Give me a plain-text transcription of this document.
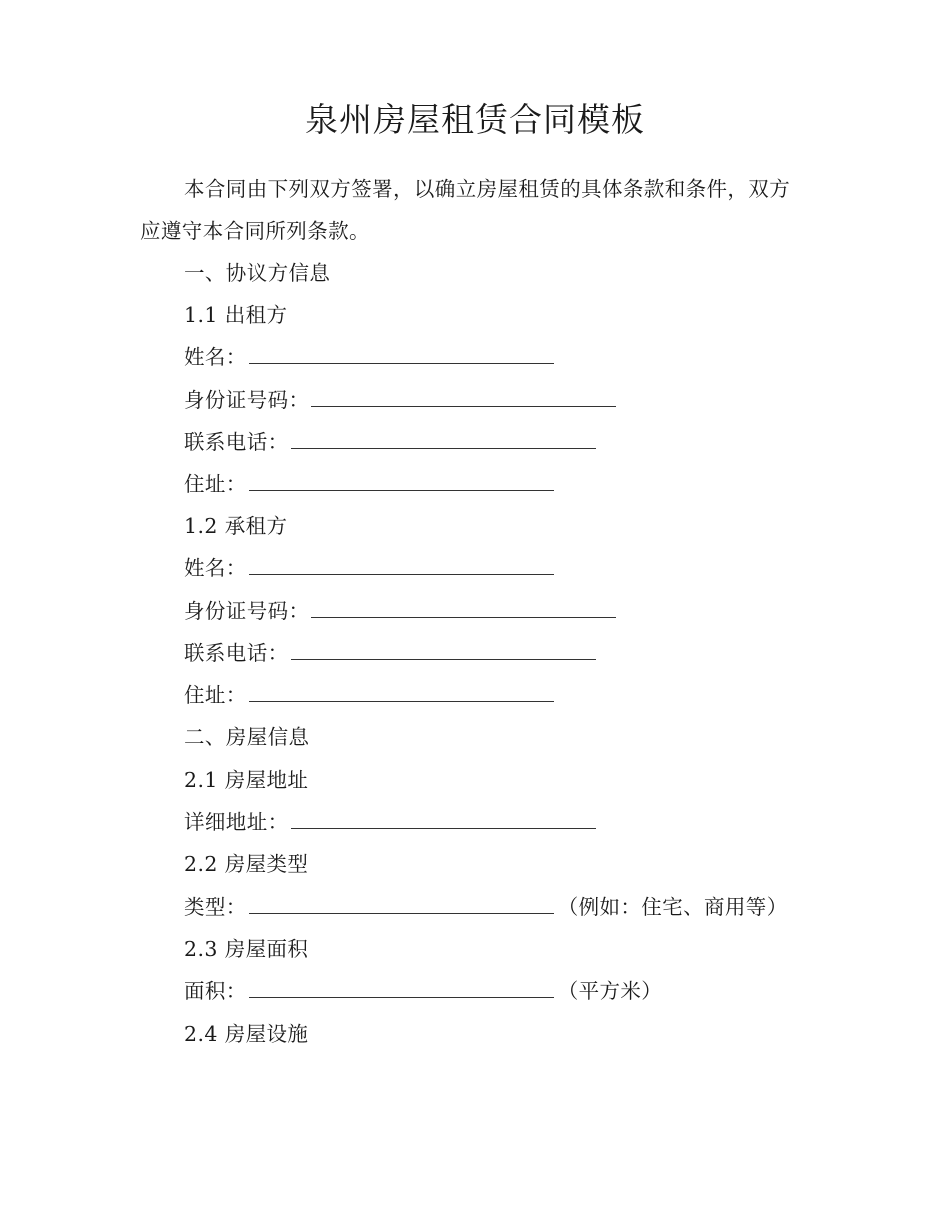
泉州房屋租赁合同模板

本合同由下列双方签署，以确立房屋租赁的具体条款和条件，双方应遵守本合同所列条款。

一、协议方信息
1.1 出租方
姓名：
身份证号码：
联系电话：
住址：
1.2 承租方
姓名：
身份证号码：
联系电话：
住址：
二、房屋信息
2.1 房屋地址
详细地址：
2.2 房屋类型
类型：	（例如：住宅、商用等）
2.3 房屋面积
面积：	（平方米）
2.4 房屋设施
